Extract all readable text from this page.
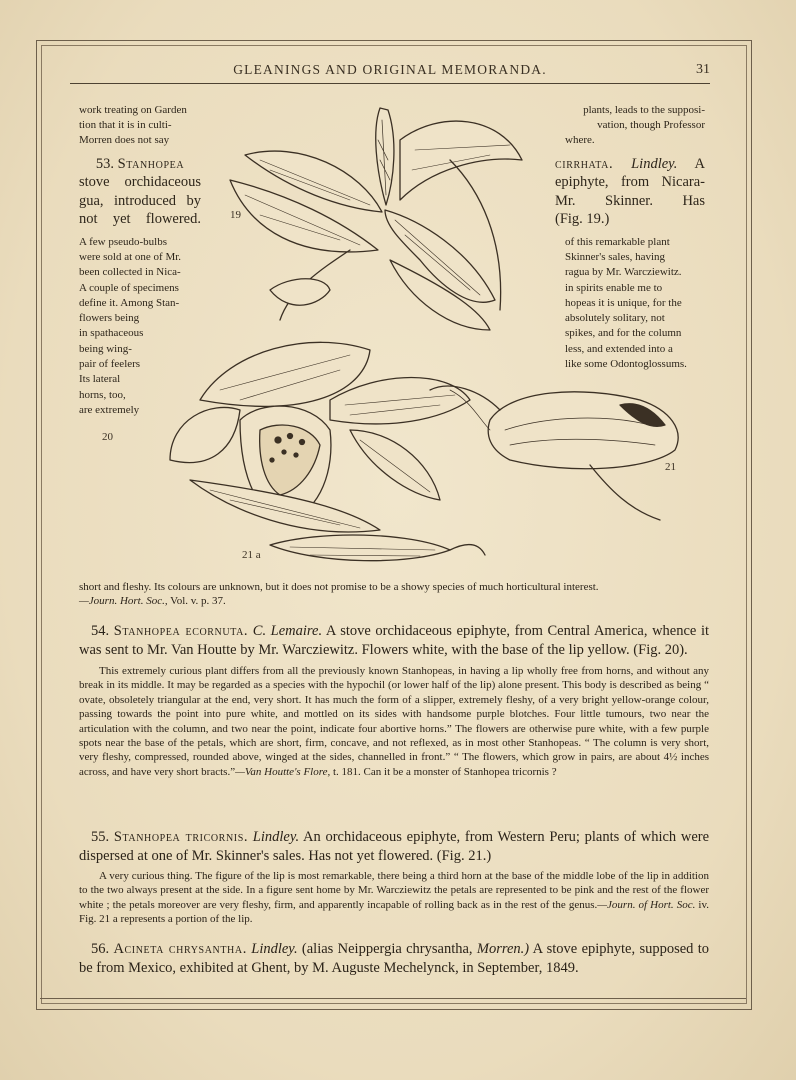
GLEANINGS AND ORIGINAL MEMORANDA.	31
work treating on Garden
tion that it is in culti-
Morren does not say
53. Stanhopea
stove orchidaceous
gua, introduced by
not yet flowered.
A few pseudo-bulbs
were sold at one of Mr.
been collected in Nica-
A couple of specimens
define it. Among Stan-
flowers being
in spathaceous
being wing-
pair of feelers
Its lateral
horns, too,
are extremely
plants, leads to the supposi-
vation, though Professor
where.
cirrhata. Lindley. A
epiphyte, from Nicara-
Mr. Skinner. Has
(Fig. 19.)
of this remarkable plant
Skinner's sales, having
ragua by Mr. Warcziewitz.
in spirits enable me to
hopeas it is unique, for the
absolutely solitary, not
spikes, and for the column
less, and extended into a
like some Odontoglossums.
19
20
21
21 a
short and fleshy. Its colours are unknown, but it does not promise to be a showy species of much horticultural interest.
—Journ. Hort. Soc., Vol. v. p. 37.
54. Stanhopea ecornuta. C. Lemaire. A stove orchidaceous epiphyte, from Central America, whence it was sent to Mr. Van Houtte by Mr. Warcziewitz. Flowers white, with the base of the lip yellow. (Fig. 20).
This extremely curious plant differs from all the previously known Stanhopeas, in having a lip wholly free from horns, and without any break in its middle. It may be regarded as a species with the hypochil (or lower half of the lip) alone present. This body is described as being “ ovate, obsoletely triangular at the end, very short. It has much the form of a slipper, extremely fleshy, of a very bright yellow-orange colour, passing towards the point into pure white, and mottled on its sides with handsome purple blotches. Four little tumours, two near the articulation with the column, and two near the point, indicate four abortive horns.” The flowers are otherwise pure white, with a few purple spots near the base of the petals, which are short, firm, concave, and not reflexed, as in most other Stanhopeas. “ The column is very short, very fleshy, compressed, rounded above, winged at the sides, channelled in front.” “ The flowers, which grow in pairs, are about 4½ inches across, and have very short bracts.”—Van Houtte's Flore, t. 181. Can it be a monster of Stanhopea tricornis ?
55. Stanhopea tricornis. Lindley. An orchidaceous epiphyte, from Western Peru; plants of which were dispersed at one of Mr. Skinner's sales. Has not yet flowered. (Fig. 21.)
A very curious thing. The figure of the lip is most remarkable, there being a third horn at the base of the middle lobe of the lip in addition to the two always present at the side. In a figure sent home by Mr. Warcziewitz the petals are represented to be pink and the rest of the flower white ; the petals moreover are very fleshy, firm, and apparently incapable of rolling back as in the rest of the genus.—Journ. of Hort. Soc. iv. Fig. 21 a represents a portion of the lip.
56. Acineta chrysantha. Lindley. (alias Neippergia chrysantha, Morren.) A stove epiphyte, supposed to be from Mexico, exhibited at Ghent, by M. Auguste Mechelynck, in September, 1849.
